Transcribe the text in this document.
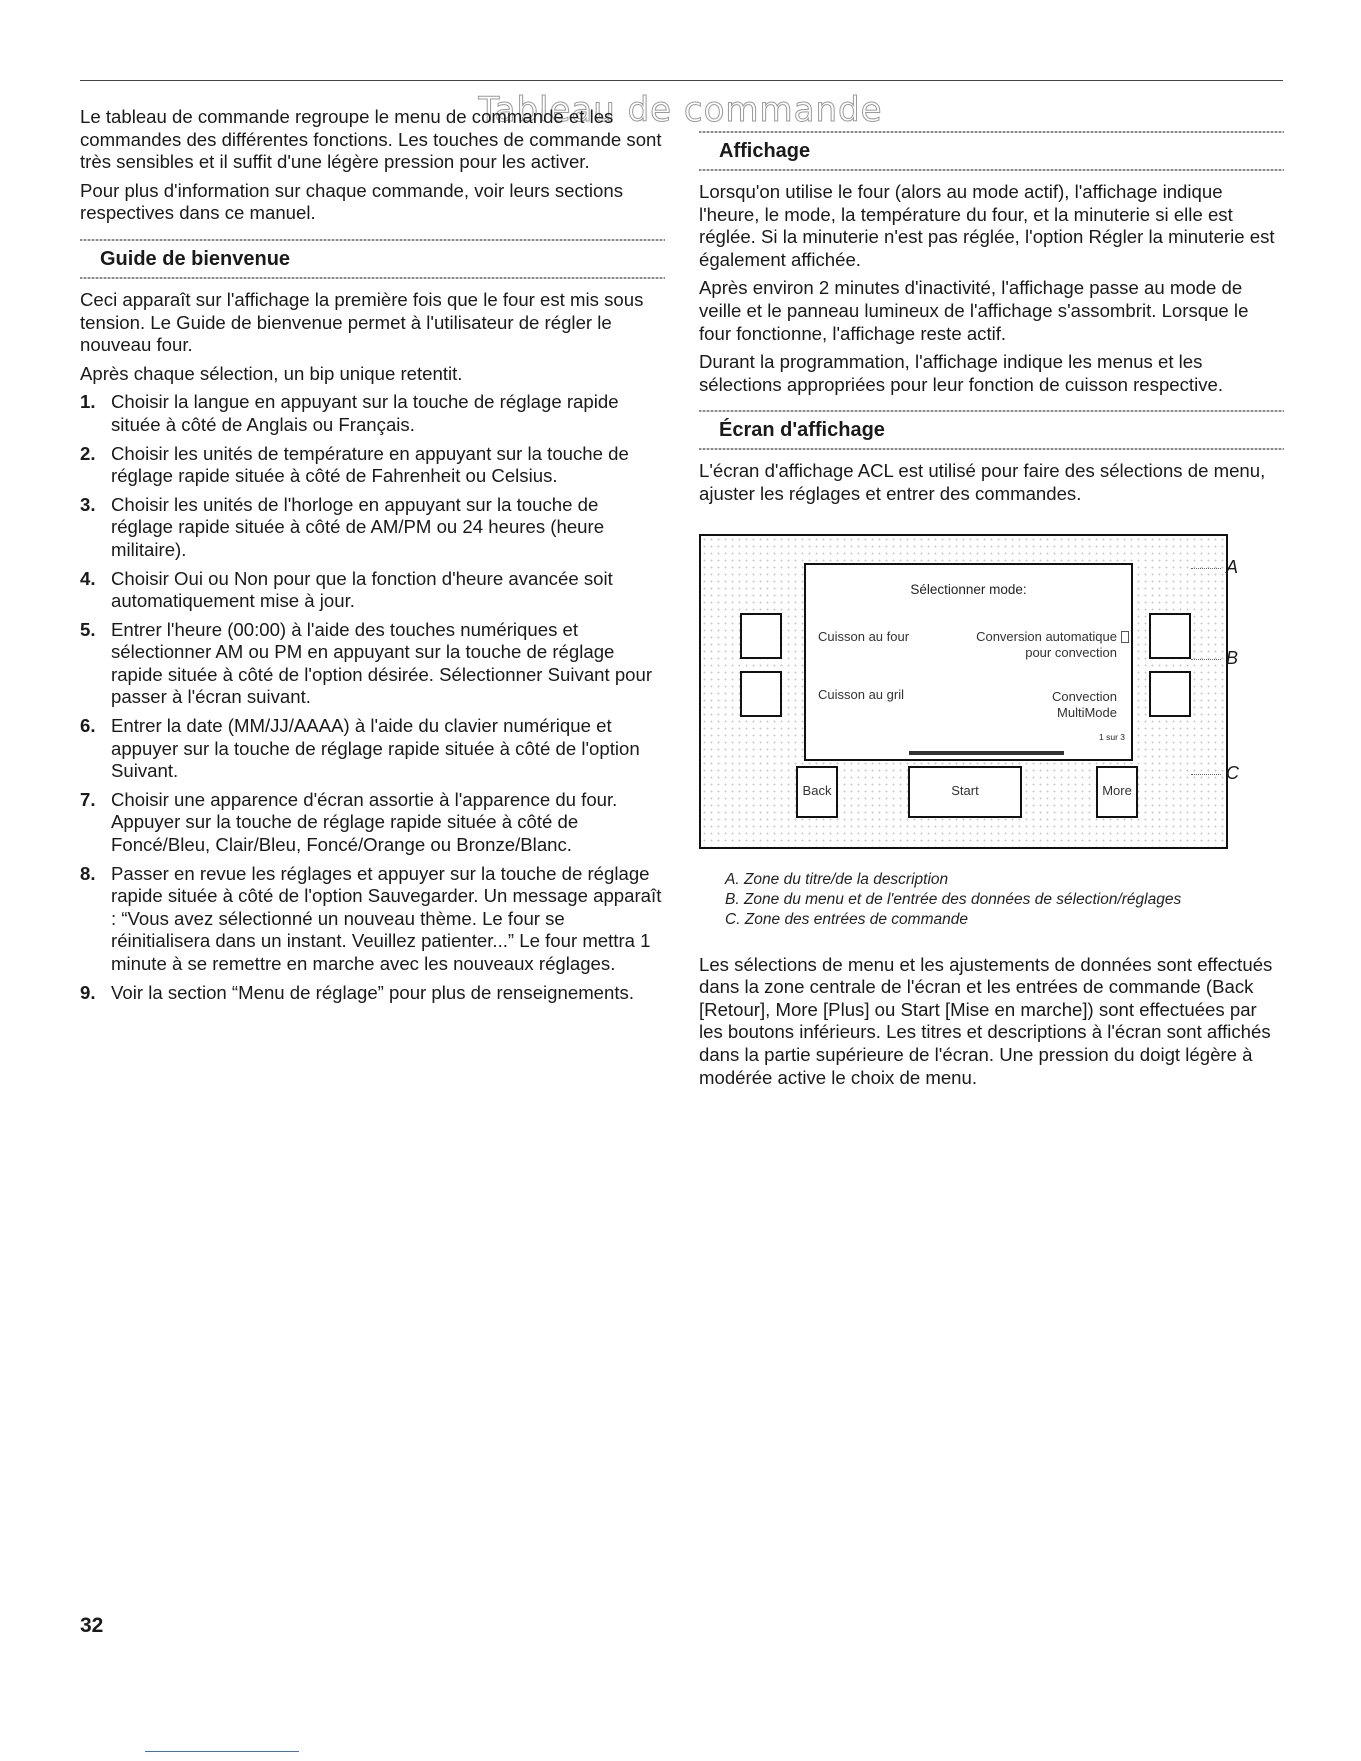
Tableau de commande

Le tableau de commande regroupe le menu de commande et les commandes des différentes fonctions. Les touches de commande sont très sensibles et il suffit d'une légère pression pour les activer.

Pour plus d'information sur chaque commande, voir leurs sections respectives dans ce manuel.

Guide de bienvenue

Ceci apparaît sur l'affichage la première fois que le four est mis sous tension. Le Guide de bienvenue permet à l'utilisateur de régler le nouveau four.

Après chaque sélection, un bip unique retentit.

1. Choisir la langue en appuyant sur la touche de réglage rapide située à côté de Anglais ou Français.
2. Choisir les unités de température en appuyant sur la touche de réglage rapide située à côté de Fahrenheit ou Celsius.
3. Choisir les unités de l'horloge en appuyant sur la touche de réglage rapide située à côté de AM/PM ou 24 heures (heure militaire).
4. Choisir Oui ou Non pour que la fonction d'heure avancée soit automatiquement mise à jour.
5. Entrer l'heure (00:00) à l'aide des touches numériques et sélectionner AM ou PM en appuyant sur la touche de réglage rapide située à côté de l'option désirée. Sélectionner Suivant pour passer à l'écran suivant.
6. Entrer la date (MM/JJ/AAAA) à l'aide du clavier numérique et appuyer sur la touche de réglage rapide située à côté de l'option Suivant.
7. Choisir une apparence d'écran assortie à l'apparence du four. Appuyer sur la touche de réglage rapide située à côté de Foncé/Bleu, Clair/Bleu, Foncé/Orange ou Bronze/Blanc.
8. Passer en revue les réglages et appuyer sur la touche de réglage rapide située à côté de l'option Sauvegarder. Un message apparaît : “Vous avez sélectionné un nouveau thème. Le four se réinitialisera dans un instant. Veuillez patienter...” Le four mettra 1 minute à se remettre en marche avec les nouveaux réglages.
9. Voir la section “Menu de réglage” pour plus de renseignements.
Affichage

Lorsqu'on utilise le four (alors au mode actif), l'affichage indique l'heure, le mode, la température du four, et la minuterie si elle est réglée. Si la minuterie n'est pas réglée, l'option Régler la minuterie est également affichée.

Après environ 2 minutes d'inactivité, l'affichage passe au mode de veille et le panneau lumineux de l'affichage s'assombrit. Lorsque le four fonctionne, l'affichage reste actif.

Durant la programmation, l'affichage indique les menus et les sélections appropriées pour leur fonction de cuisson respective.

Écran d'affichage

L'écran d'affichage ACL est utilisé pour faire des sélections de menu, ajuster les réglages et entrer des commandes.

Sélectionner mode:
Cuisson au four	Conversion automatique
pour convection
Cuisson au gril	Convection
MultiMode
1 sur 3
Back	Start	More
A
B
C
A. Zone du titre/de la description
B. Zone du menu et de l'entrée des données de sélection/réglages
C. Zone des entrées de commande

Les sélections de menu et les ajustements de données sont effectués dans la zone centrale de l'écran et les entrées de commande (Back [Retour], More [Plus] ou Start [Mise en marche]) sont effectuées par les boutons inférieurs. Les titres et descriptions à l'écran sont affichés dans la partie supérieure de l'écran. Une pression du doigt légère à modérée active le choix de menu.

32
